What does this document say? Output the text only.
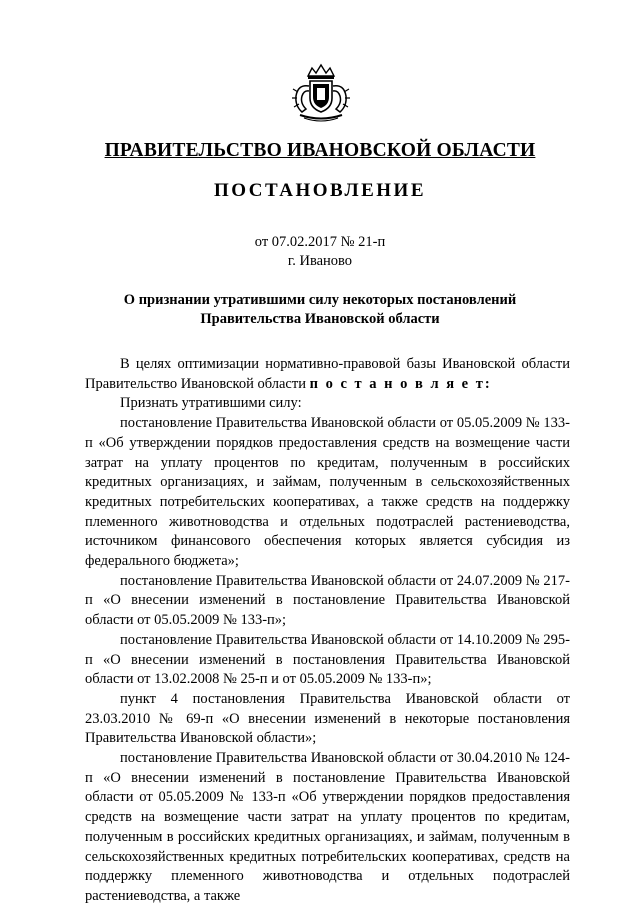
ПРАВИТЕЛЬСТВО ИВАНОВСКОЙ ОБЛАСТИ
ПОСТАНОВЛЕНИЕ
от 07.02.2017 № 21-п
г. Иваново
О признании утратившими силу некоторых постановлений
Правительства Ивановской области

В целях оптимизации нормативно-правовой базы Ивановской области Правительство Ивановской области п о с т а н о в л я е т:

Признать утратившими силу:

постановление Правительства Ивановской области от 05.05.2009 № 133-п «Об утверждении порядков предоставления средств на возмещение части затрат на уплату процентов по кредитам, полученным в российских кредитных организациях, и займам, полученным в сельскохозяйственных кредитных потребительских кооперативах, а также средств на поддержку племенного животноводства и отдельных подотраслей растениеводства, источником финансового обеспечения которых является субсидия из федерального бюджета»;

постановление Правительства Ивановской области от 24.07.2009 № 217-п «О внесении изменений в постановление Правительства Ивановской области от 05.05.2009 № 133-п»;

постановление Правительства Ивановской области от 14.10.2009 № 295-п «О внесении изменений в постановления Правительства Ивановской области от 13.02.2008 № 25-п и от 05.05.2009 № 133-п»;

пункт 4 постановления Правительства Ивановской области от 23.03.2010 № 69-п «О внесении изменений в некоторые постановления Правительства Ивановской области»;

постановление Правительства Ивановской области от 30.04.2010 № 124-п «О внесении изменений в постановление Правительства Ивановской области от 05.05.2009 № 133-п «Об утверждении порядков предоставления средств на возмещение части затрат на уплату процентов по кредитам, полученным в российских кредитных организациях, и займам, полученным в сельскохозяйственных кредитных потребительских кооперативах, средств на поддержку племенного животноводства и отдельных подотраслей растениеводства, а также
